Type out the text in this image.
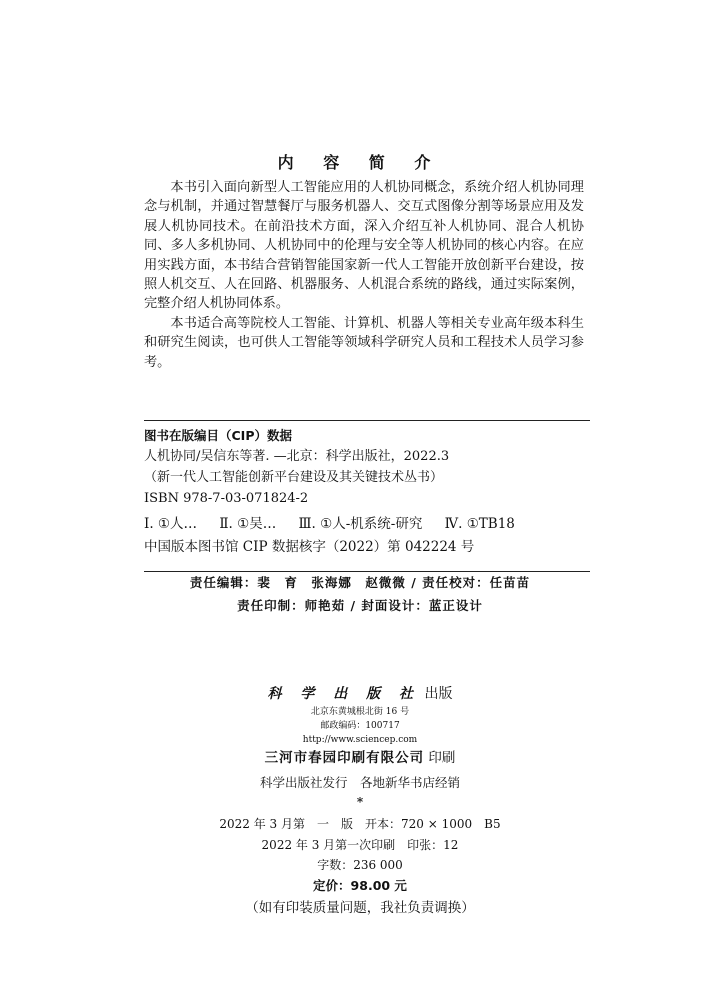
内 容 简 介

本书引入面向新型人工智能应用的人机协同概念，系统介绍人机协同理念与机制，并通过智慧餐厅与服务机器人、交互式图像分割等场景应用及发展人机协同技术。在前沿技术方面，深入介绍互补人机协同、混合人机协同、多人多机协同、人机协同中的伦理与安全等人机协同的核心内容。在应用实践方面，本书结合营销智能国家新一代人工智能开放创新平台建设，按照人机交互、人在回路、机器服务、人机混合系统的路线，通过实际案例，完整介绍人机协同体系。

本书适合高等院校人工智能、计算机、机器人等相关专业高年级本科生和研究生阅读，也可供人工智能等领域科学研究人员和工程技术人员学习参考。

图书在版编目（CIP）数据
人机协同/吴信东等著. —北京：科学出版社，2022.3
（新一代人工智能创新平台建设及其关键技术丛书）
ISBN 978-7-03-071824-2
Ⅰ. ①人… Ⅱ. ①吴… Ⅲ. ①人-机系统-研究 Ⅳ. ①TB18
中国版本图书馆 CIP 数据核字（2022）第 042224 号
责任编辑：裴　育　张海娜　赵微微 / 责任校对：任苗苗
责任印制：师艳茹 / 封面设计：蓝正设计
科 学 出 版 社 出版
北京东黄城根北街 16 号
邮政编码：100717
http://www.sciencep.com
三河市春园印刷有限公司 印刷
科学出版社发行　各地新华书店经销
*
2022 年 3 月第　一　版　开本：720 × 1000　B5
2022 年 3 月第一次印刷　印张：12
字数：236 000
定价：98.00 元
（如有印装质量问题，我社负责调换）
